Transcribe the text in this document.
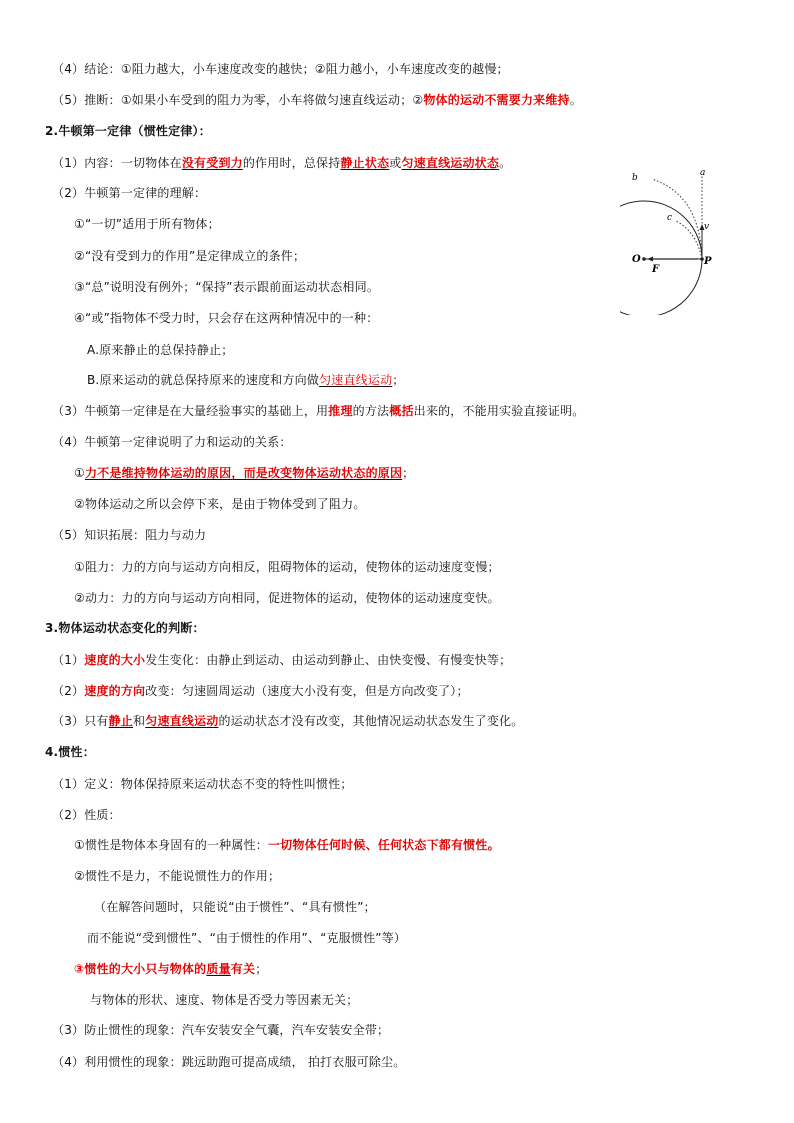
（4）结论：①阻力越大，小车速度改变的越快；②阻力越小，小车速度改变的越慢；
（5）推断：①如果小车受到的阻力为零，小车将做匀速直线运动；②物体的运动不需要力来维持。
2.牛顿第一定律（惯性定律）：
（1）内容：一切物体在没有受到力的作用时，总保持静止状态或匀速直线运动状态。
（2）牛顿第一定律的理解：
①“一切”适用于所有物体；
②“没有受到力的作用”是定律成立的条件；
③“总”说明没有例外；“保持”表示跟前面运动状态相同。
④“或”指物体不受力时，只会存在这两种情况中的一种：
A.原来静止的总保持静止；
B.原来运动的就总保持原来的速度和方向做匀速直线运动；
（3）牛顿第一定律是在大量经验事实的基础上，用推理的方法概括出来的，不能用实验直接证明。
（4）牛顿第一定律说明了力和运动的关系：
①力不是维持物体运动的原因，而是改变物体运动状态的原因；
②物体运动之所以会停下来，是由于物体受到了阻力。
（5）知识拓展：阻力与动力
①阻力：力的方向与运动方向相反，阻碍物体的运动，使物体的运动速度变慢；
②动力：力的方向与运动方向相同，促进物体的运动，使物体的运动速度变快。
3.物体运动状态变化的判断：
（1）速度的大小发生变化：由静止到运动、由运动到静止、由快变慢、有慢变快等；
（2）速度的方向改变：匀速圆周运动（速度大小没有变，但是方向改变了）；
（3）只有静止和匀速直线运动的运动状态才没有改变，其他情况运动状态发生了变化。
4.惯性：
（1）定义：物体保持原来运动状态不变的特性叫惯性；
（2）性质：
①惯性是物体本身固有的一种属性：一切物体任何时候、任何状态下都有惯性。
②惯性不是力，不能说惯性力的作用；
（在解答问题时，只能说“由于惯性”、“具有惯性”；
而不能说“受到惯性”、“由于惯性的作用”、“克服惯性”等）
③惯性的大小只与物体的质量有关；
与物体的形状、速度、物体是否受力等因素无关；
（3）防止惯性的现象：汽车安装安全气囊，汽车安装安全带；
（4）利用惯性的现象：跳远助跑可提高成绩， 拍打衣服可除尘。
O
F
P
a
b
c
v
